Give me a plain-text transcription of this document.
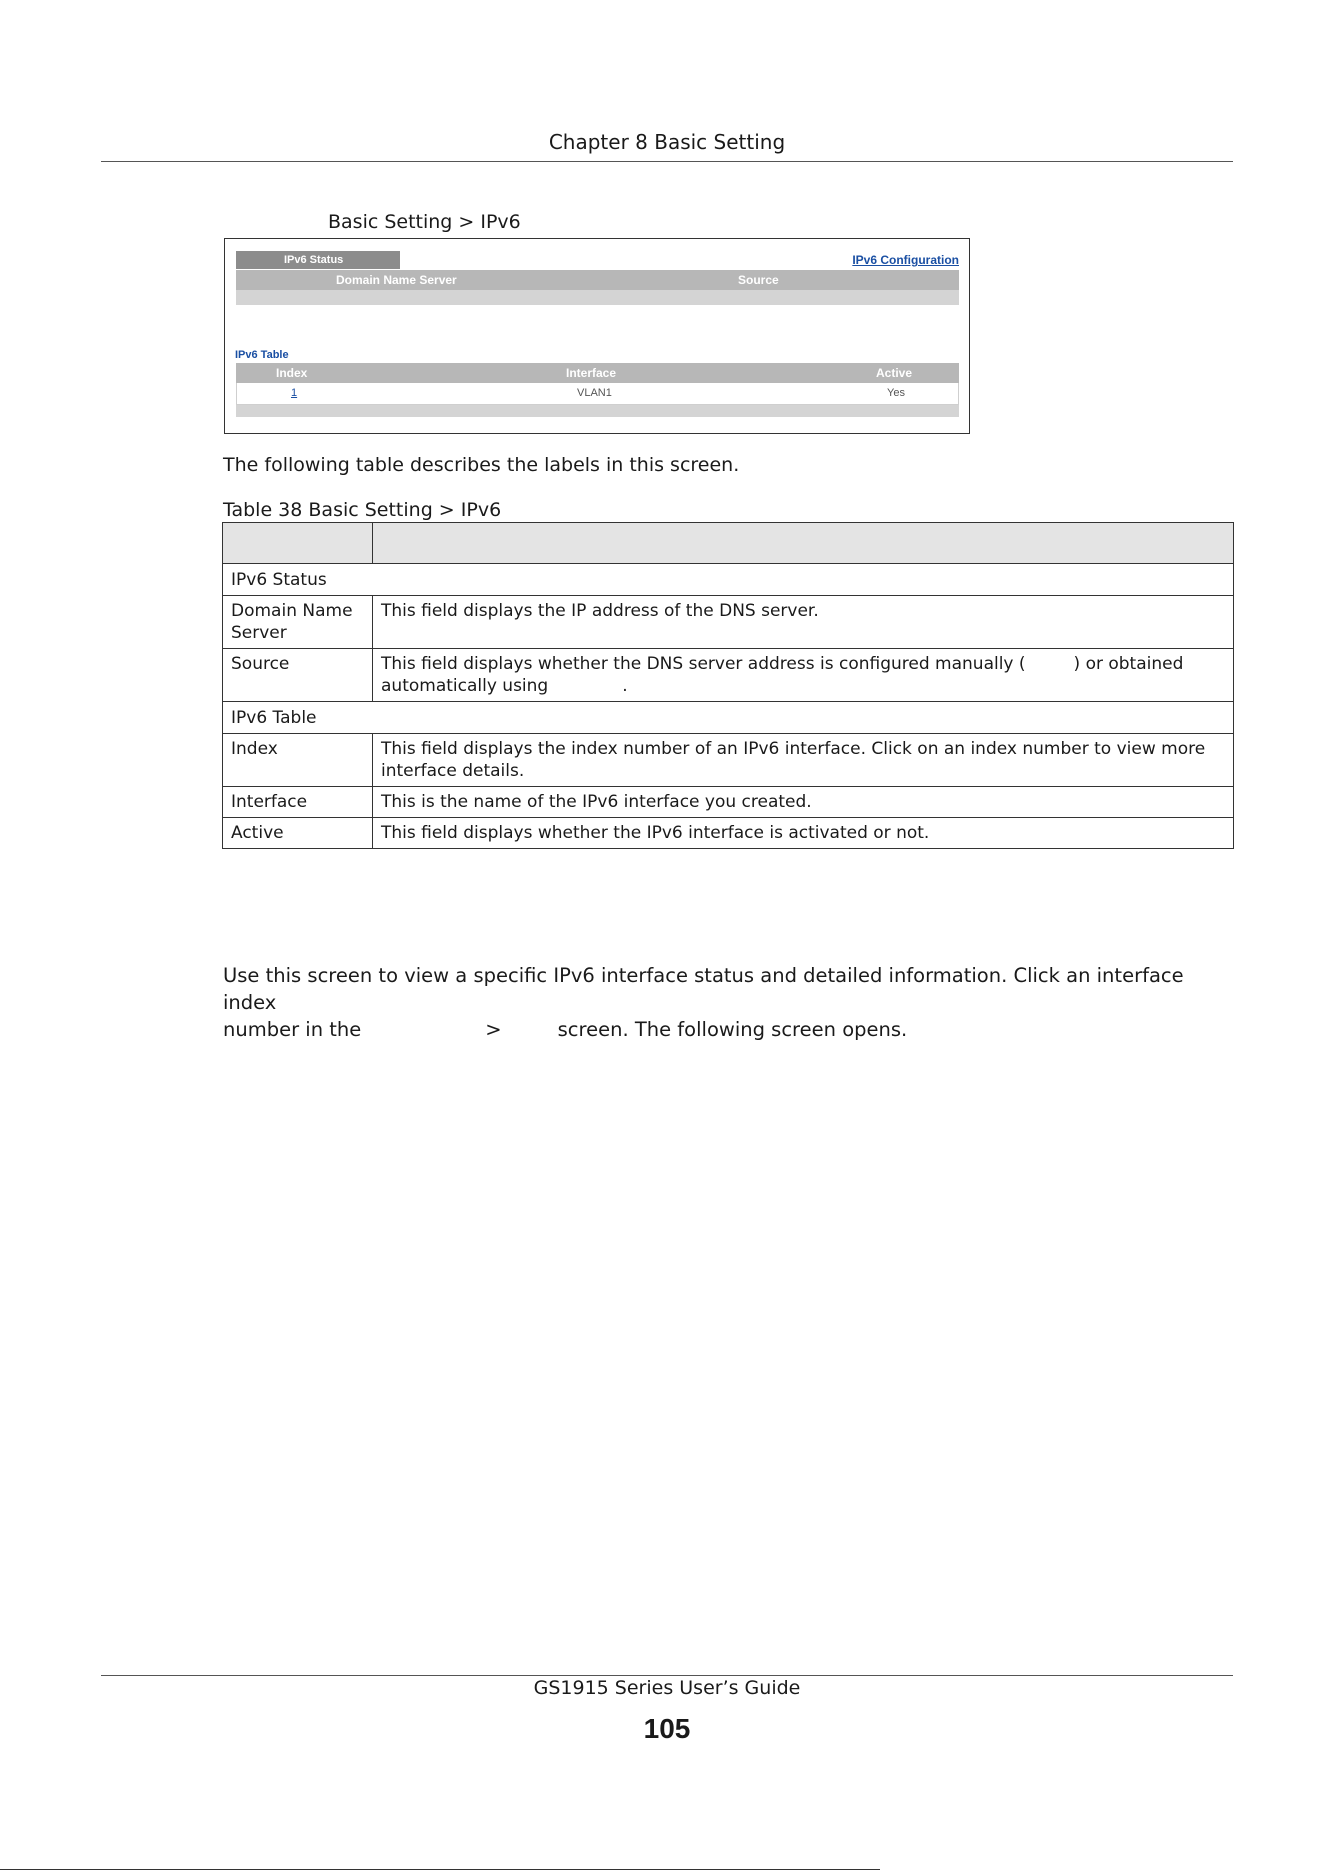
Chapter 8 Basic Setting
Basic Setting > IPv6
IPv6 Status	IPv6 Configuration
Domain Name Server	Source
IPv6 Table
Index	Interface	Active
1	VLAN1	Yes
The following table describes the labels in this screen.
Table 38 Basic Setting > IPv6

IPv6 Status	
Domain Name Server	This field displays the IP address of the DNS server.
Source	This field displays whether the DNS server address is configured manually ( ) or obtained automatically using .
IPv6 Table	
Index	This field displays the index number of an IPv6 interface. Click on an index number to view more interface details.
Interface	This is the name of the IPv6 interface you created.
Active	This field displays whether the IPv6 interface is activated or not.
Use this screen to view a specific IPv6 interface status and detailed information. Click an interface index
number in the	>	screen. The following screen opens.
GS1915 Series User’s Guide
105
